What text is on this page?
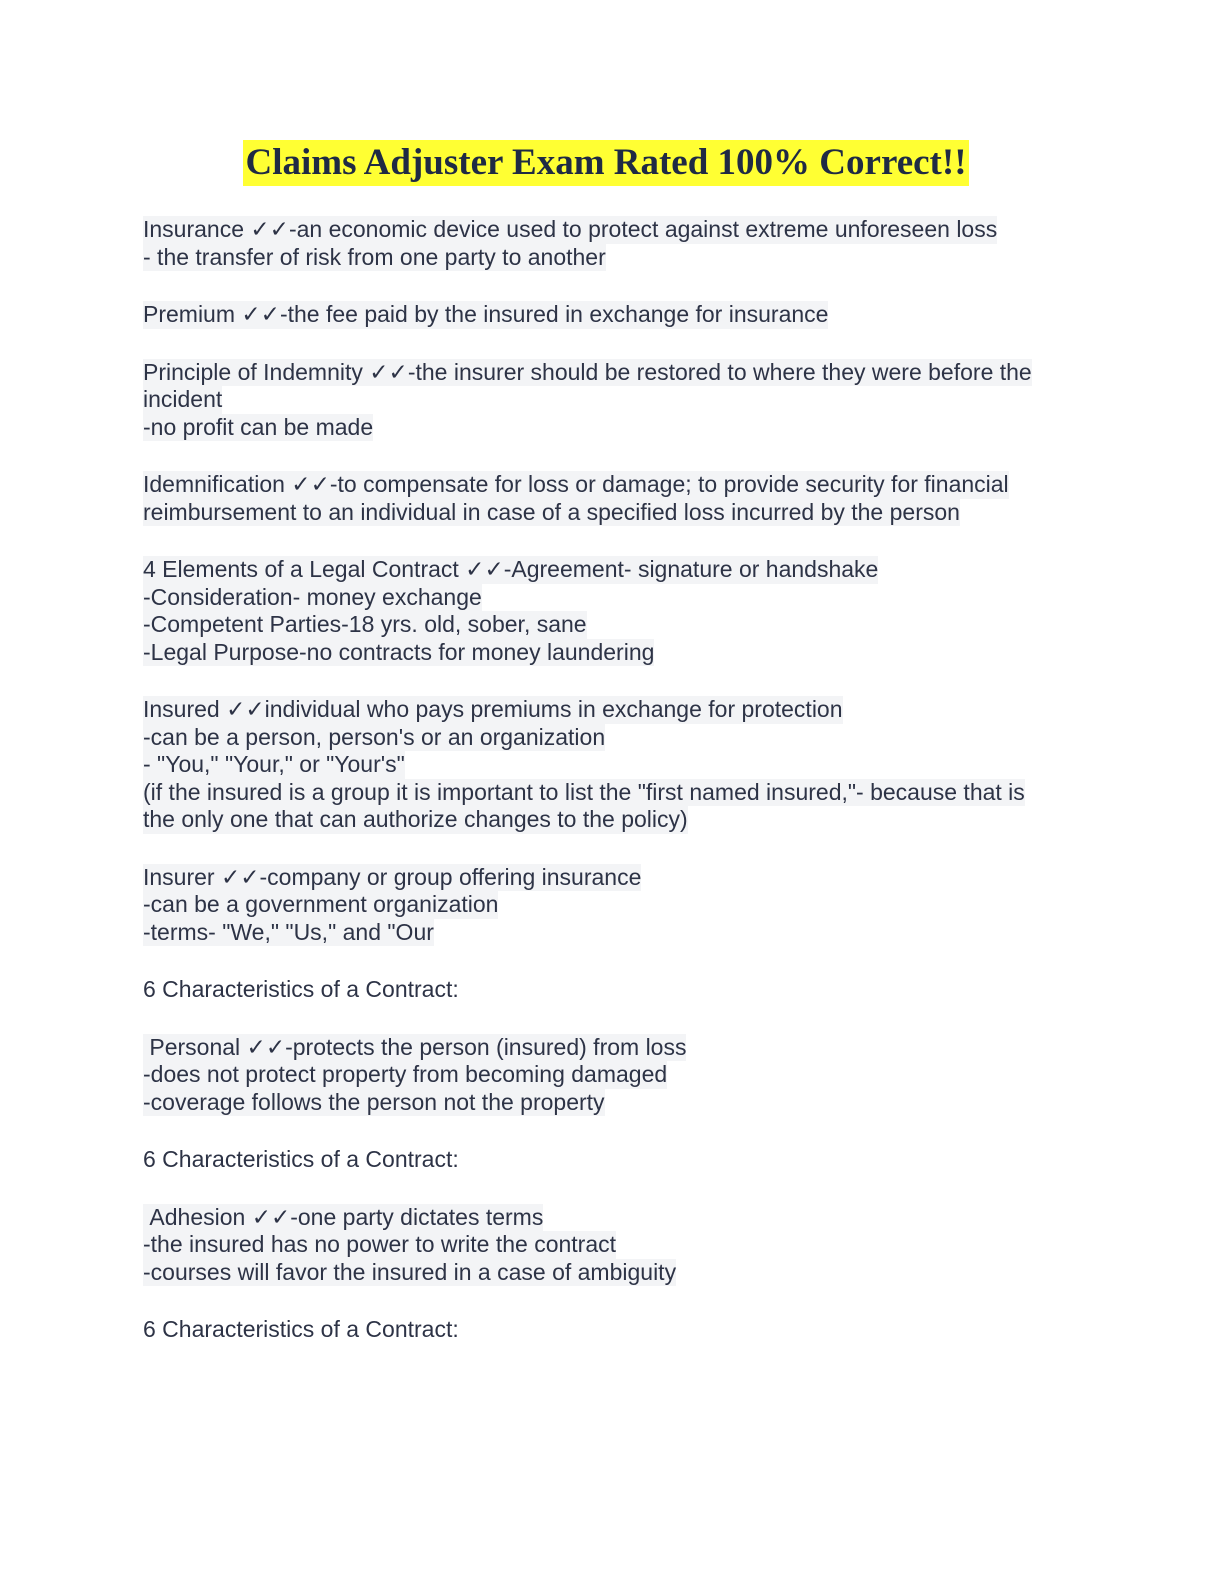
Claims Adjuster Exam Rated 100% Correct!!
Insurance ✓✓-an economic device used to protect against extreme unforeseen loss
- the transfer of risk from one party to another
Premium ✓✓-the fee paid by the insured in exchange for insurance
Principle of Indemnity ✓✓-the insurer should be restored to where they were before the
incident
-no profit can be made
Idemnification ✓✓-to compensate for loss or damage; to provide security for financial
reimbursement to an individual in case of a specified loss incurred by the person
4 Elements of a Legal Contract ✓✓-Agreement- signature or handshake
-Consideration- money exchange
-Competent Parties-18 yrs. old, sober, sane
-Legal Purpose-no contracts for money laundering
Insured ✓✓individual who pays premiums in exchange for protection
-can be a person, person's or an organization
- "You," "Your," or "Your's"
(if the insured is a group it is important to list the "first named insured,"- because that is
the only one that can authorize changes to the policy)
Insurer ✓✓-company or group offering insurance
-can be a government organization
-terms- "We," "Us," and "Our
6 Characteristics of a Contract:
Personal ✓✓-protects the person (insured) from loss
-does not protect property from becoming damaged
-coverage follows the person not the property
6 Characteristics of a Contract:
Adhesion ✓✓-one party dictates terms
-the insured has no power to write the contract
-courses will favor the insured in a case of ambiguity
6 Characteristics of a Contract:
